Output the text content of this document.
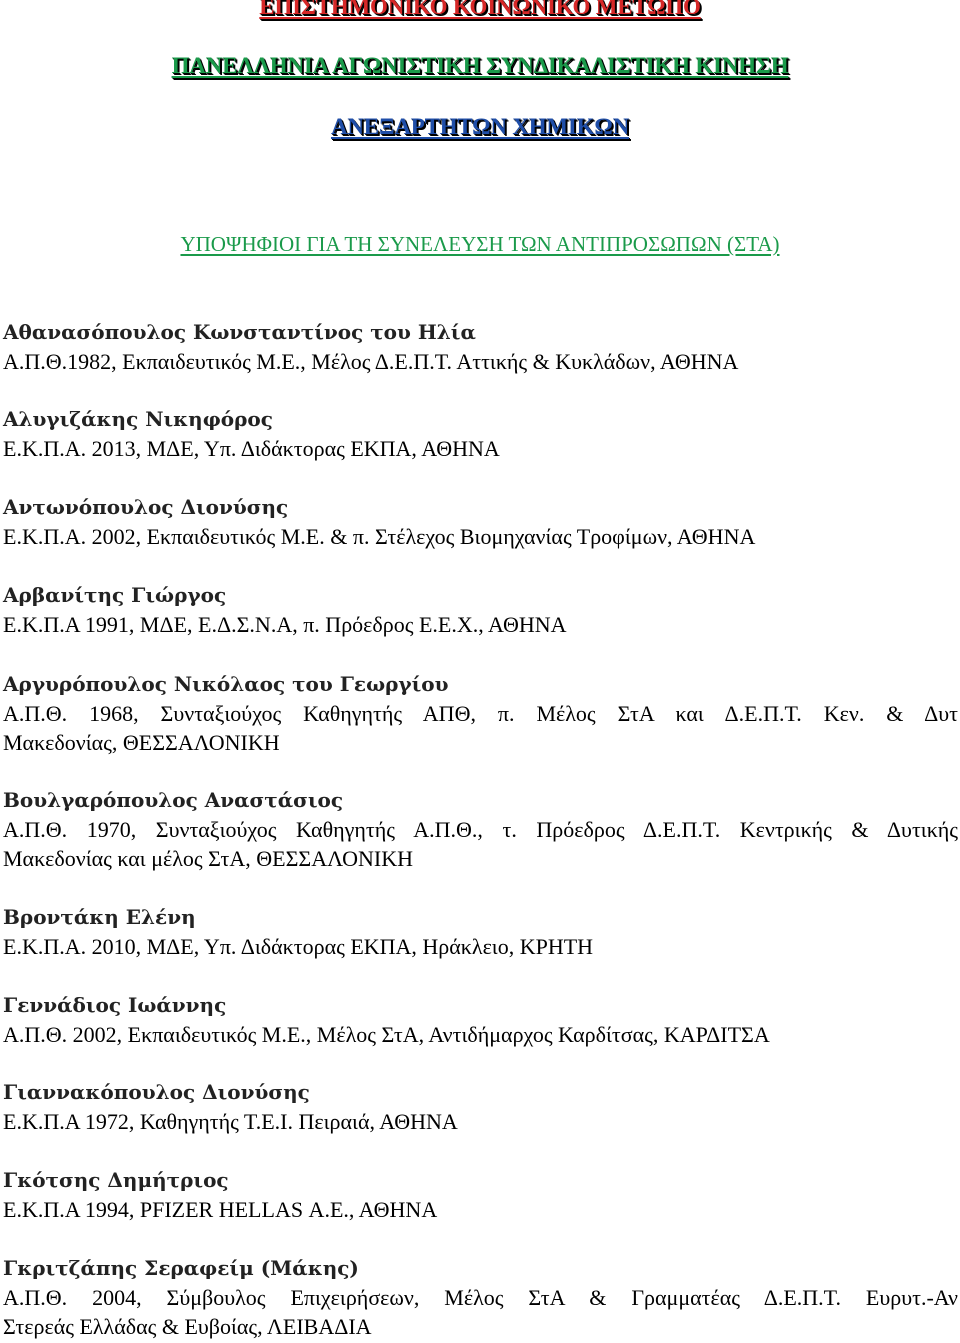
ΕΠΙΣΤΗΜΟΝΙΚΟ ΚΟΙΝΩΝΙΚΟ ΜΕΤΩΠΟ
ΠΑΝΕΛΛΗΝΙΑ ΑΓΩΝΙΣΤΙΚΗ ΣΥΝΔΙΚΑΛΙΣΤΙΚΗ ΚΙΝΗΣΗ
ΑΝΕΞΑΡΤΗΤΩΝ ΧΗΜΙΚΩΝ
ΥΠΟΨΗΦΙΟΙ ΓΙΑ ΤΗ ΣΥΝΕΛΕΥΣΗ ΤΩΝ ΑΝΤΙΠΡΟΣΩΠΩΝ (ΣΤΑ)
Αθανασόπουλος Κωνσταντίνος του Ηλία
Α.Π.Θ.1982, Εκπαιδευτικός Μ.Ε., Μέλος Δ.Ε.Π.Τ. Αττικής & Κυκλάδων, ΑΘΗΝΑ
Αλυγιζάκης Νικηφόρος
Ε.Κ.Π.Α. 2013, ΜΔΕ, Υπ. Διδάκτορας ΕΚΠΑ, ΑΘΗΝΑ
Αντωνόπουλος Διονύσης
Ε.Κ.Π.Α. 2002, Εκπαιδευτικός Μ.Ε. & π. Στέλεχος Βιομηχανίας Τροφίμων, ΑΘΗΝΑ
Αρβανίτης Γιώργος
Ε.Κ.Π.Α 1991, ΜΔΕ, Ε.Δ.Σ.Ν.Α, π. Πρόεδρος Ε.Ε.Χ., ΑΘΗΝΑ
Αργυρόπουλος Νικόλαος του Γεωργίου
Α.Π.Θ. 1968, Συνταξιούχος Καθηγητής ΑΠΘ, π. Μέλος ΣτΑ και Δ.Ε.Π.Τ. Κεν. & Δυτ
Μακεδονίας, ΘΕΣΣΑΛΟΝΙΚΗ
Βουλγαρόπουλος Αναστάσιος
Α.Π.Θ. 1970, Συνταξιούχος Καθηγητής Α.Π.Θ., τ. Πρόεδρος Δ.Ε.Π.Τ. Κεντρικής & Δυτικής
Μακεδονίας και μέλος ΣτΑ, ΘΕΣΣΑΛΟΝΙΚΗ
Βροντάκη Ελένη
Ε.Κ.Π.Α. 2010, ΜΔΕ, Υπ. Διδάκτορας ΕΚΠΑ, Ηράκλειο, ΚΡΗΤΗ
Γεννάδιος Ιωάννης
Α.Π.Θ. 2002, Εκπαιδευτικός Μ.Ε., Μέλος ΣτΑ, Αντιδήμαρχος Καρδίτσας, ΚΑΡΔΙΤΣΑ
Γιαννακόπουλος Διονύσης
Ε.Κ.Π.Α 1972, Καθηγητής Τ.Ε.Ι. Πειραιά, ΑΘΗΝΑ
Γκότσης Δημήτριος
Ε.Κ.Π.Α 1994, PFIZER HELLAS Α.Ε., ΑΘΗΝΑ
Γκριτζάπης Σεραφείμ (Μάκης)
Α.Π.Θ. 2004, Σύμβουλος Επιχειρήσεων, Μέλος ΣτΑ & Γραμματέας Δ.Ε.Π.Τ. Ευρυτ.-Αν
Στερεάς Ελλάδας & Ευβοίας, ΛΕΙΒΑΔΙΑ
